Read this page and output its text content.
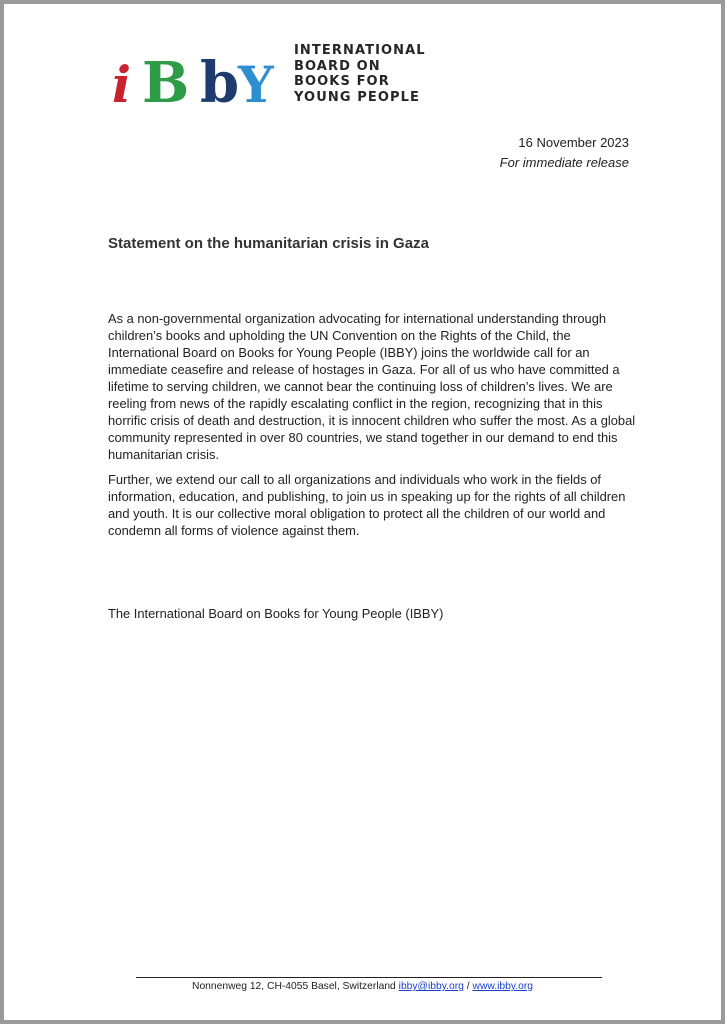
i B b
Y
INTERNATIONAL
BOARD ON
BOOKS FOR
YOUNG PEOPLE
16 November 2023
For immediate release
Statement on the humanitarian crisis in Gaza

As a non-governmental organization advocating for international understanding through children’s books and upholding the UN Convention on the Rights of the Child, the International Board on Books for Young People (IBBY) joins the worldwide call for an immediate ceasefire and release of hostages in Gaza. For all of us who have committed a lifetime to serving children, we cannot bear the continuing loss of children’s lives. We are reeling from news of the rapidly escalating conflict in the region, recognizing that in this horrific crisis of death and destruction, it is innocent children who suffer the most. As a global community represented in over 80 countries, we stand together in our demand to end this humanitarian crisis.

Further, we extend our call to all organizations and individuals who work in the fields of information, education, and publishing, to join us in speaking up for the rights of all children and youth. It is our collective moral obligation to protect all the children of our world and condemn all forms of violence against them.

The International Board on Books for Young People (IBBY)
Nonnenweg 12, CH-4055 Basel, Switzerland ibby@ibby.org / www.ibby.org
